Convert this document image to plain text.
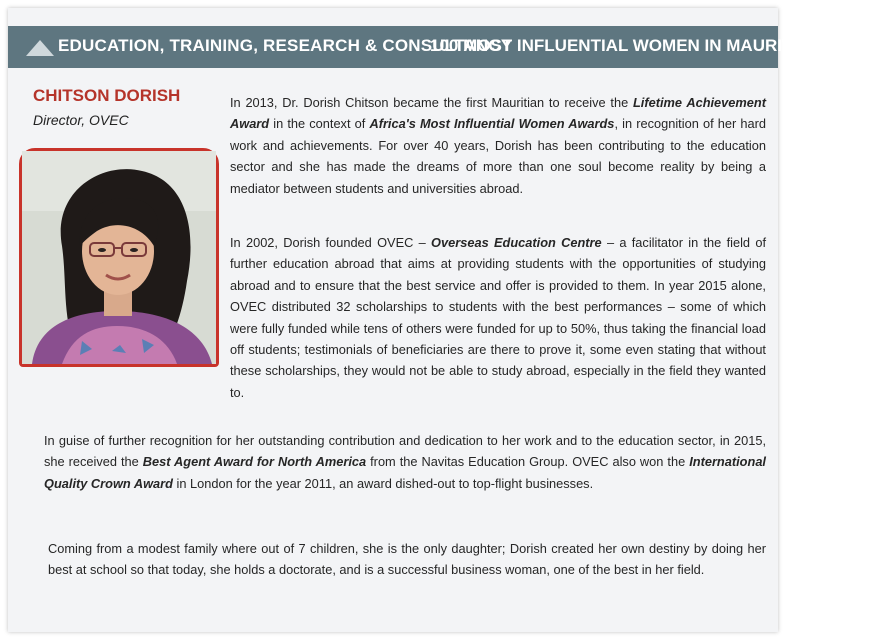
EDUCATION, TRAINING, RESEARCH & CONSULTANCY
100 MOST INFLUENTIAL WOMEN IN MAURITIUS • 2016
CHITSON DORISH
Director, OVEC

In 2013, Dr. Dorish Chitson became the first Mauritian to receive the Lifetime Achievement Award in the context of Africa's Most Influential Women Awards, in recognition of her hard work and achievements. For over 40 years, Dorish has been contributing to the education sector and she has made the dreams of more than one soul become reality by being a mediator between students and universities abroad.

In 2002, Dorish founded OVEC – Overseas Education Centre – a facilitator in the field of further education abroad that aims at providing students with the opportunities of studying abroad and to ensure that the best service and offer is provided to them. In year 2015 alone, OVEC distributed 32 scholarships to students with the best performances – some of which were fully funded while tens of others were funded for up to 50%, thus taking the financial load off students; testimonials of beneficiaries are there to prove it, some even stating that without these scholarships, they would not be able to study abroad, especially in the field they wanted to.

In guise of further recognition for her outstanding contribution and dedication to her work and to the education sector, in 2015, she received the Best Agent Award for North America from the Navitas Education Group. OVEC also won the International Quality Crown Award in London for the year 2011, an award dished-out to top-flight businesses.

Coming from a modest family where out of 7 children, she is the only daughter; Dorish created her own destiny by doing her best at school so that today, she holds a doctorate, and is a successful business woman, one of the best in her field.
